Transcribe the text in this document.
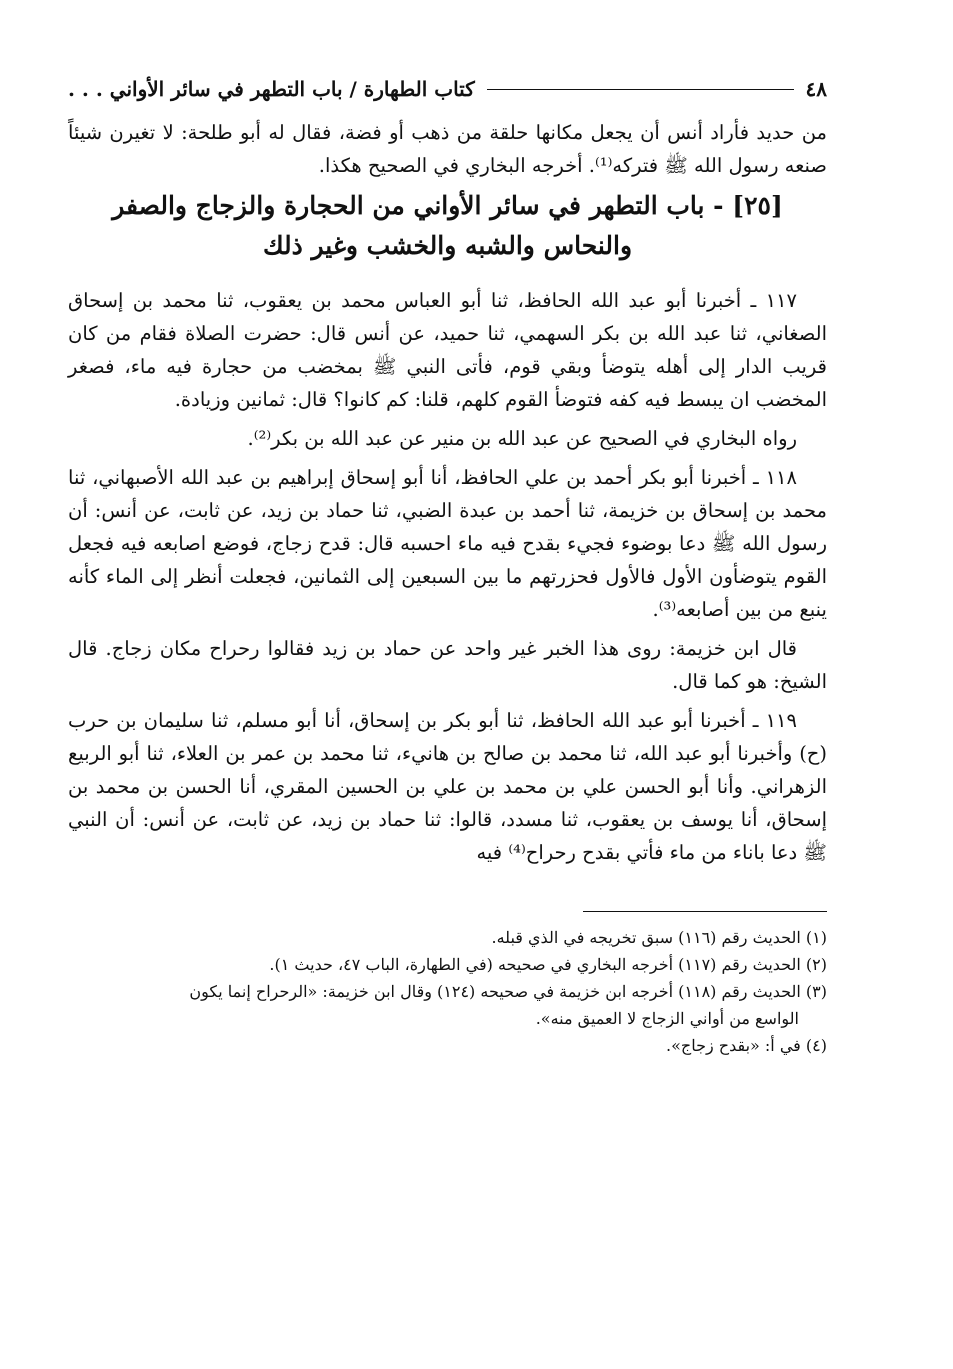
٤٨
كتاب الطهارة / باب التطهر في سائر الأواني . . .

من حديد فأراد أنس أن يجعل مكانها حلقة من ذهب أو فضة، فقال له أبو طلحة: لا تغيرن شيئاً صنعه رسول الله ﷺ فتركه⁽¹⁾. أخرجه البخاري في الصحيح هكذا.

[٢٥] - باب التطهر في سائر الأواني من الحجارة والزجاج والصفر والنحاس والشبه والخشب وغير ذلك

١١٧ ـ أخبرنا أبو عبد الله الحافظ، ثنا أبو العباس محمد بن يعقوب، ثنا محمد بن إسحاق الصغاني، ثنا عبد الله بن بكر السهمي، ثنا حميد، عن أنس قال: حضرت الصلاة فقام من كان قريب الدار إلى أهله يتوضأ وبقي قوم، فأتى النبي ﷺ بمخضب من حجارة فيه ماء، فصغر المخضب ان يبسط فيه كفه فتوضأ القوم كلهم، قلنا: كم كانوا؟ قال: ثمانين وزيادة.

رواه البخاري في الصحيح عن عبد الله بن منير عن عبد الله بن بكر⁽²⁾.

١١٨ ـ أخبرنا أبو بكر أحمد بن علي الحافظ، أنا أبو إسحاق إبراهيم بن عبد الله الأصبهاني، ثنا محمد بن إسحاق بن خزيمة، ثنا أحمد بن عبدة الضبي، ثنا حماد بن زيد، عن ثابت، عن أنس: أن رسول الله ﷺ دعا بوضوء فجيء بقدح فيه ماء احسبه قال: قدح زجاج، فوضع اصابعه فيه فجعل القوم يتوضأون الأول فالأول فحزرتهم ما بين السبعين إلى الثمانين، فجعلت أنظر إلى الماء كأنه ينبع من بين أصابعه⁽³⁾.

قال ابن خزيمة: روى هذا الخبر غير واحد عن حماد بن زيد فقالوا رحراح مكان زجاج. قال الشيخ: هو كما قال.

١١٩ ـ أخبرنا أبو عبد الله الحافظ، ثنا أبو بكر بن إسحاق، أنا أبو مسلم، ثنا سليمان بن حرب (ح) وأخبرنا أبو عبد الله، ثنا محمد بن صالح بن هانيء، ثنا محمد بن عمر بن العلاء، ثنا أبو الربيع الزهراني. وأنا أبو الحسن علي بن محمد بن علي بن الحسين المقري، أنا الحسن بن محمد بن إسحاق، أنا يوسف بن يعقوب، ثنا مسدد، قالوا: ثنا حماد بن زيد، عن ثابت، عن أنس: أن النبي ﷺ دعا باناء من ماء فأتي بقدح رحراح⁽⁴⁾ فيه

(١) الحديث رقم (١١٦) سبق تخريجه في الذي قبله.

(٢) الحديث رقم (١١٧) أخرجه البخاري في صحيحه (في الطهارة، الباب ٤٧، حديث ١).

(٣) الحديث رقم (١١٨) أخرجه ابن خزيمة في صحيحه (١٢٤) وقال ابن خزيمة: «الرحراح إنما يكون

الواسع من أواني الزجاج لا العميق منه».

(٤) في أ: «بقدح زجاج».
